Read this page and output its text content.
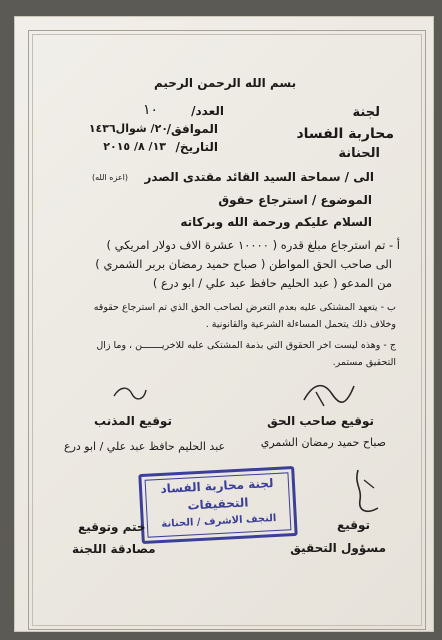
بسم الله الرحمن الرحيم
لجنة
محاربة الفساد
الحنانة
العدد/
١٠
الموافق/
٢٠/ شوال١٤٣٦
التاريخ/
١٣/ ٨/ ٢٠١٥
الى / سماحة السيد القائد مقتدى الصدر
(اعزه الله)
الموضوع / استرجاع حقوق
السلام عليكم ورحمة الله وبركاته
أ - تم استرجاع مبلغ قدره ( ١٠٠٠٠ عشرة الاف دولار امريكي )
الى صاحب الحق المواطن ( صباح حميد رمضان بربر الشمري )
من المدعو ( عبد الحليم حافظ عبد علي / ابو درع )
ب - يتعهد المشتكى عليه بعدم التعرض لصاحب الحق الذي تم استرجاع حقوقه
وخلاف ذلك يتحمل المساءلة الشرعية والقانونية .
ج - وهذه ليست اخر الحقوق التي بذمة المشتكى عليه للاخريـــــــن ، وما زال
التحقيق مستمر.
توقيع صاحب الحق
صباح حميد رمضان الشمري
توقيع المذنب
عبد الحليم حافظ عبد علي / ابو درع
لجنة محاربة الفساد
التحقيقات
النجف الاشرف / الحنانة	توقيع
مسؤول التحقيق
ختم وتوقيع
مصادقة اللجنة
